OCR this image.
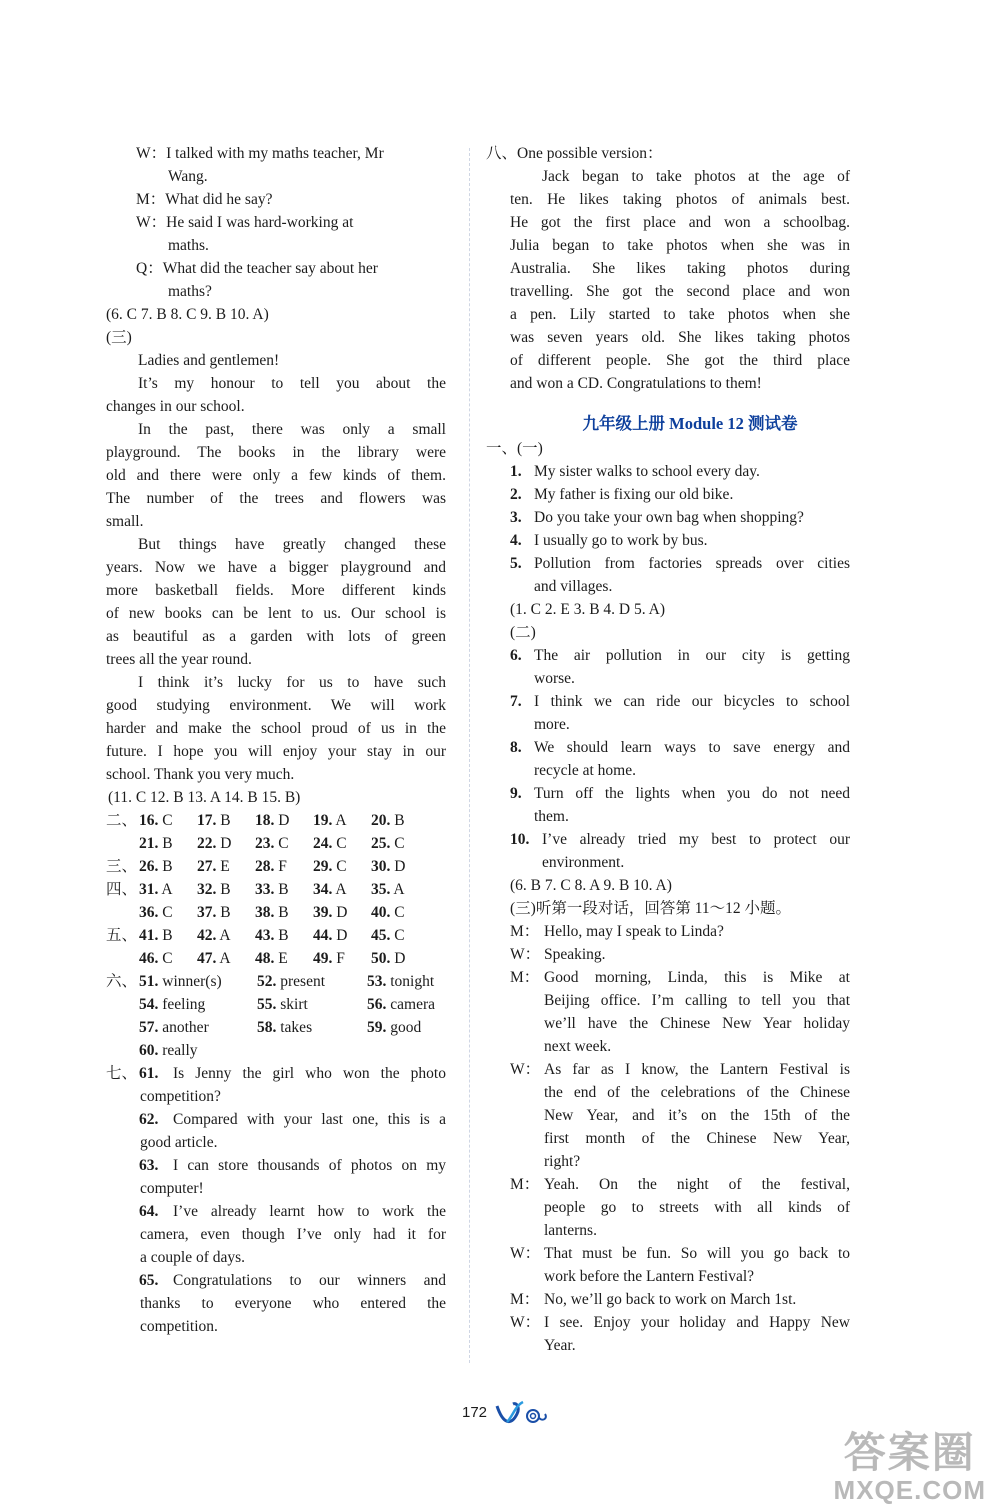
W：I talked with my maths teacher, Mr
Wang.
M：What did he say?
W：He said I was hard-working at
maths.
Q：What did the teacher say about her
maths?
(6. C 7. B 8. C 9. B 10. A)
(三)
Ladies and gentlemen!
It’s my honour to tell you about the
changes in our school.
In the past, there was only a small
playground. The books in the library were
old and there were only a few kinds of them.
The number of the trees and flowers was
small.
But things have greatly changed these
years. Now we have a bigger playground and
more basketball fields. More different kinds
of new books can be lent to us. Our school is
as beautiful as a garden with lots of green
trees all the year round.
I think it’s lucky for us to have such
good studying environment. We will work
harder and make the school proud of us in the
future. I hope you will enjoy your stay in our
school. Thank you very much.
(11. C 12. B 13. A 14. B 15. B)
二、 16. C 17. B 18. D 19. A 20. B
21. B 22. D 23. C 24. C 25. C
三、 26. B 27. E 28. F 29. C 30. D
四、 31. A 32. B 33. B 34. A 35. A
36. C 37. B 38. B 39. D 40. C
五、 41. B 42. A 43. B 44. D 45. C
46. C 47. A 48. E 49. F 50. D
六、 51. winner(s) 52. present	53. tonight
54. feeling	55. skirt	56. camera
57. another	58. takes	59. good
60. really
七、 61. Is Jenny the girl who won the photo
competition?
62. Compared with your last one, this is a
good article.
63. I can store thousands of photos on my
computer!
64. I’ve already learnt how to work the
camera, even though I’ve only had it for
a couple of days.
65. Congratulations to our winners and
thanks to everyone who entered the
competition.
八、One possible version：
Jack began to take photos at the age of
ten. He likes taking photos of animals best.
He got the first place and won a schoolbag.
Julia began to take photos when she was in
Australia. She likes taking photos during
travelling. She got the second place and won
a pen. Lily started to take photos when she
was seven years old. She likes taking photos
of different people. She got the third place
and won a CD. Congratulations to them!
九年级上册 Module 12 测试卷
一、(一)
1. My sister walks to school every day.
2. My father is fixing our old bike.
3. Do you take your own bag when shopping?
4. I usually go to work by bus.
5. Pollution from factories spreads over cities
and villages.
(1. C 2. E 3. B 4. D 5. A)
(二)
6. The air pollution in our city is getting
worse.
7. I think we can ride our bicycles to school
more.
8. We should learn ways to save energy and
recycle at home.
9. Turn off the lights when you do not need
them.
10. I’ve already tried my best to protect our
environment.
(6. B 7. C 8. A 9. B 10. A)
(三)听第一段对话，回答第 11～12 小题。
M： Hello, may I speak to Linda?
W： Speaking.
M： Good morning, Linda, this is Mike at
Beijing office. I’m calling to tell you that
we’ll have the Chinese New Year holiday
next week.
W： As far as I know, the Lantern Festival is
the end of the celebrations of the Chinese
New Year, and it’s on the 15th of the
first month of the Chinese New Year,
right?
M： Yeah. On the night of the festival,
people go to streets with all kinds of
lanterns.
W： That must be fun. So will you go back to
work before the Lantern Festival?
M： No, we’ll go back to work on March 1st.
W： I see. Enjoy your holiday and Happy New
Year.
172
答案圈
MXQE.COM
